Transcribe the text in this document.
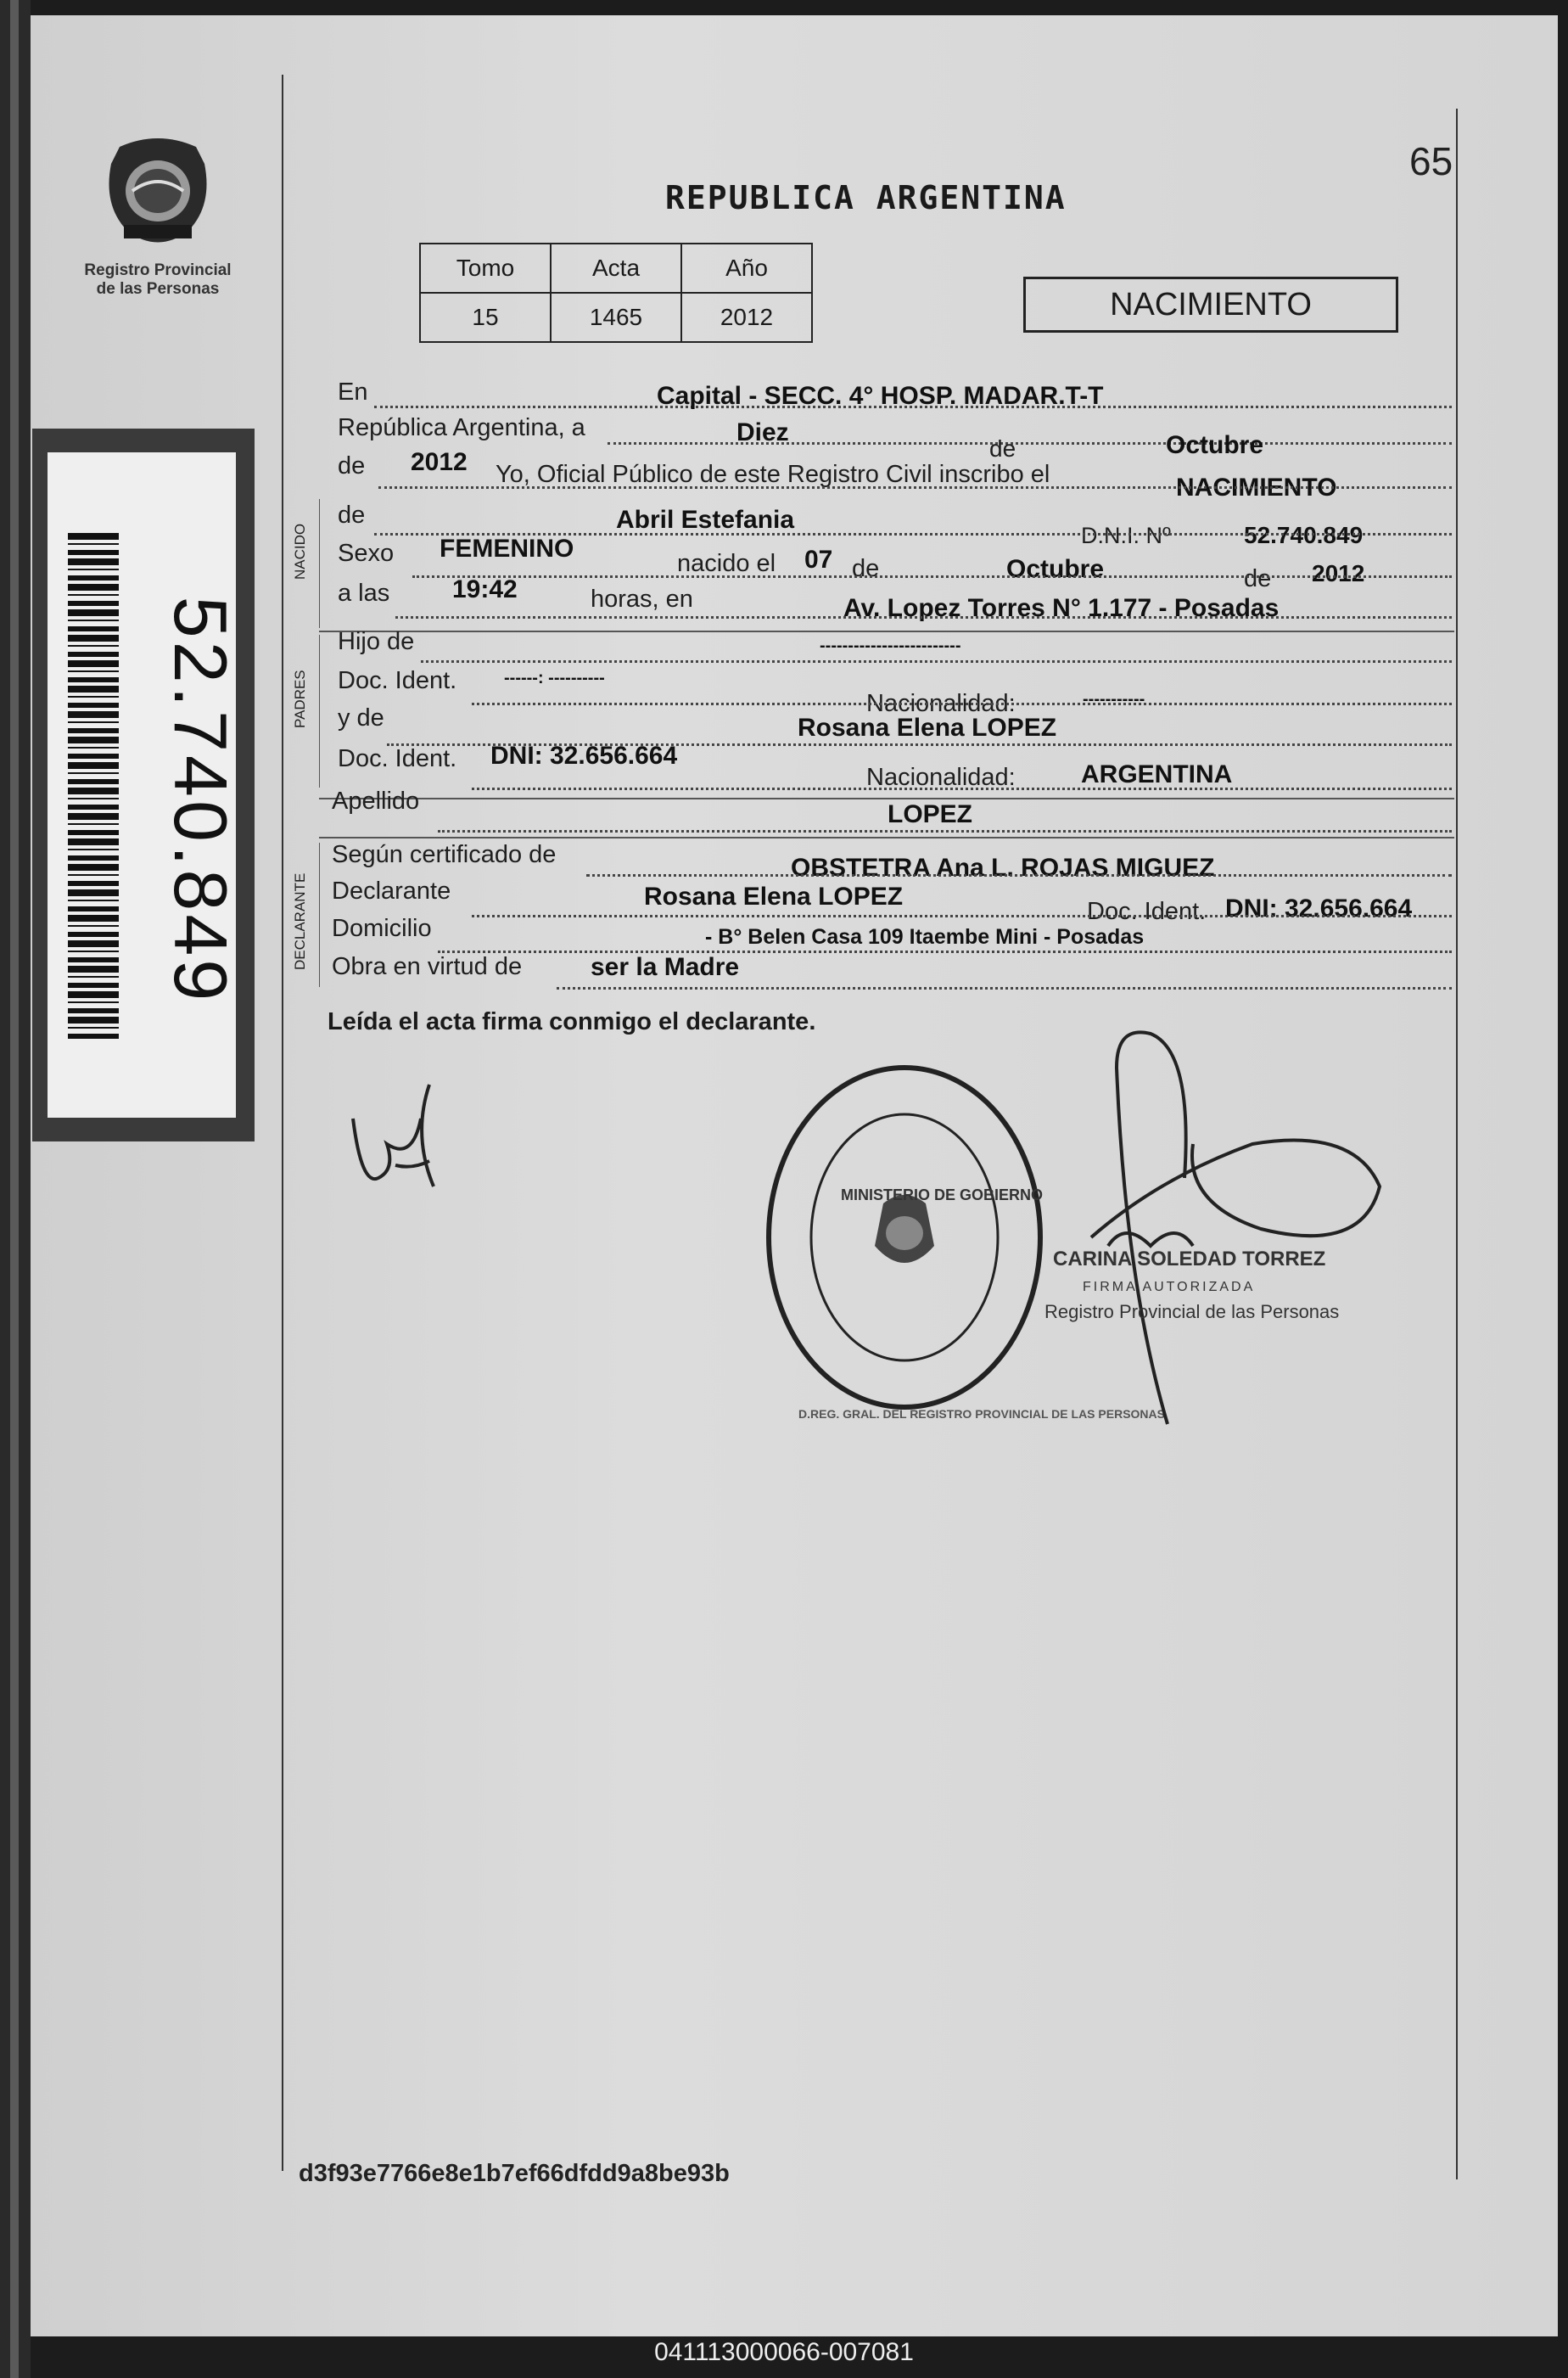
Registro Provincial
de las Personas
52.740.849
65
REPUBLICA ARGENTINA
Tomo	Acta	Año
15	1465	2012	NACIMIENTO
NACIDO
PADRES
DECLARANTE
En	Capital - SECC. 4° HOSP. MADAR.T-T
República Argentina, a	Diez
de	Octubre
de 2012 Yo, Oficial Público de este Registro Civil inscribo el	NACIMIENTO
de	Abril Estefania
D.N.I. Nº	52.740.849
Sexo FEMENINO
nacido el 07 de	Octubre	de 2012
a las 19:42	horas, en	Av. Lopez Torres N° 1.177 - Posadas
Hijo de	-------------------------
Doc. Ident.	------: ----------
Nacionalidad:	-----------
y de	Rosana Elena LOPEZ
Doc. Ident. DNI: 32.656.664
Nacionalidad:	ARGENTINA
Apellido	LOPEZ
Según certificado de	OBSTETRA Ana L. ROJAS MIGUEZ
Declarante	Rosana Elena LOPEZ
Doc. Ident. DNI: 32.656.664
Domicilio	- B° Belen Casa 109 Itaembe Mini - Posadas
Obra en virtud de	ser la Madre
Leída el acta firma conmigo el declarante.
D.REG. GRAL. DEL REGISTRO PROVINCIAL DE LAS PERSONAS
MINISTERIO DE GOBIERNO
CARINA SOLEDAD TORREZ
FIRMA AUTORIZADA
Registro Provincial de las Personas
d3f93e7766e8e1b7ef66dfdd9a8be93b
041113000066-007081
